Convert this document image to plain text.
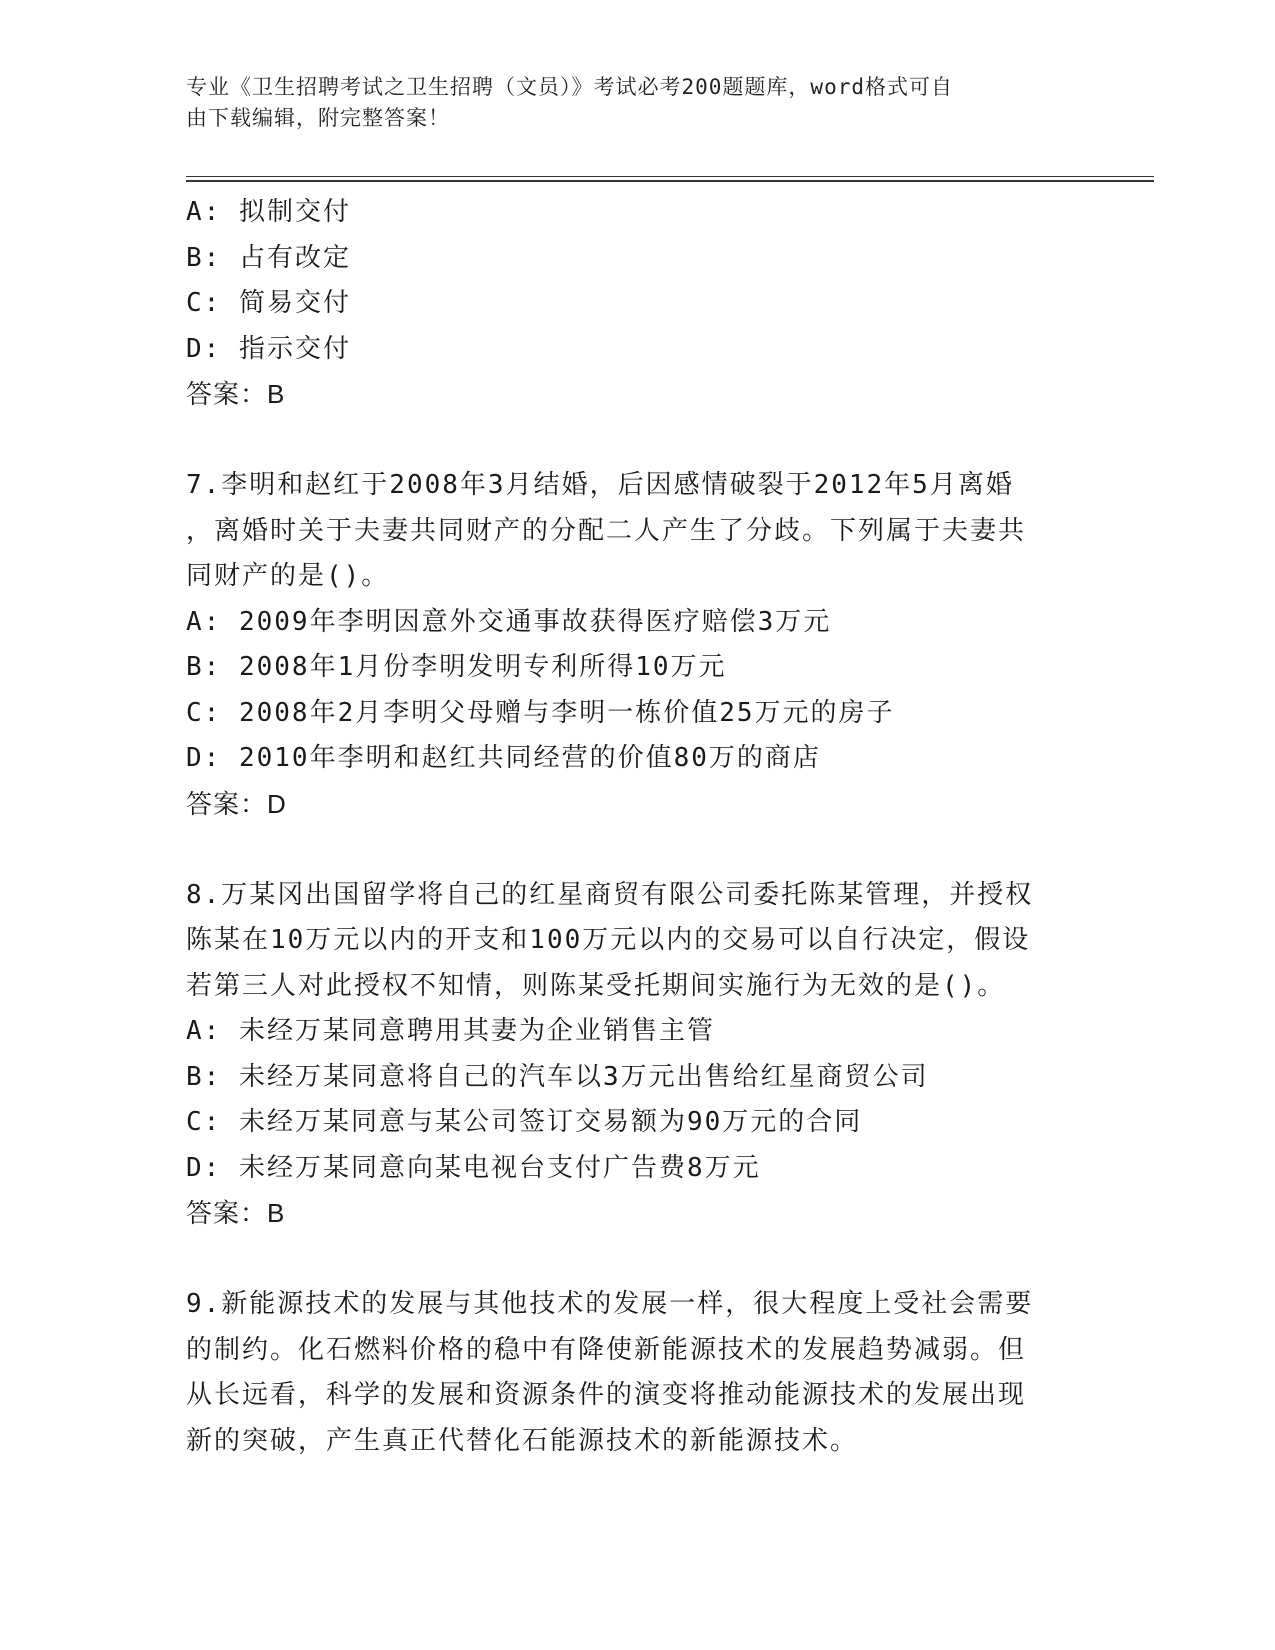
专业《卫生招聘考试之卫生招聘（文员）》考试必考200题题库，word格式可自
由下载编辑，附完整答案！
A: 拟制交付
B: 占有改定
C: 简易交付
D: 指示交付
答案：B
7.李明和赵红于2008年3月结婚，后因感情破裂于2012年5月离婚
，离婚时关于夫妻共同财产的分配二人产生了分歧。下列属于夫妻共
同财产的是()。
A: 2009年李明因意外交通事故获得医疗赔偿3万元
B: 2008年1月份李明发明专利所得10万元
C: 2008年2月李明父母赠与李明一栋价值25万元的房子
D: 2010年李明和赵红共同经营的价值80万的商店
答案：D
8.万某冈出国留学将自己的红星商贸有限公司委托陈某管理，并授权
陈某在10万元以内的开支和100万元以内的交易可以自行决定，假设
若第三人对此授权不知情，则陈某受托期间实施行为无效的是()。
A: 未经万某同意聘用其妻为企业销售主管
B: 未经万某同意将自己的汽车以3万元出售给红星商贸公司
C: 未经万某同意与某公司签订交易额为90万元的合同
D: 未经万某同意向某电视台支付广告费8万元
答案：B
9.新能源技术的发展与其他技术的发展一样，很大程度上受社会需要
的制约。化石燃料价格的稳中有降使新能源技术的发展趋势减弱。但
从长远看，科学的发展和资源条件的演变将推动能源技术的发展出现
新的突破，产生真正代替化石能源技术的新能源技术。
